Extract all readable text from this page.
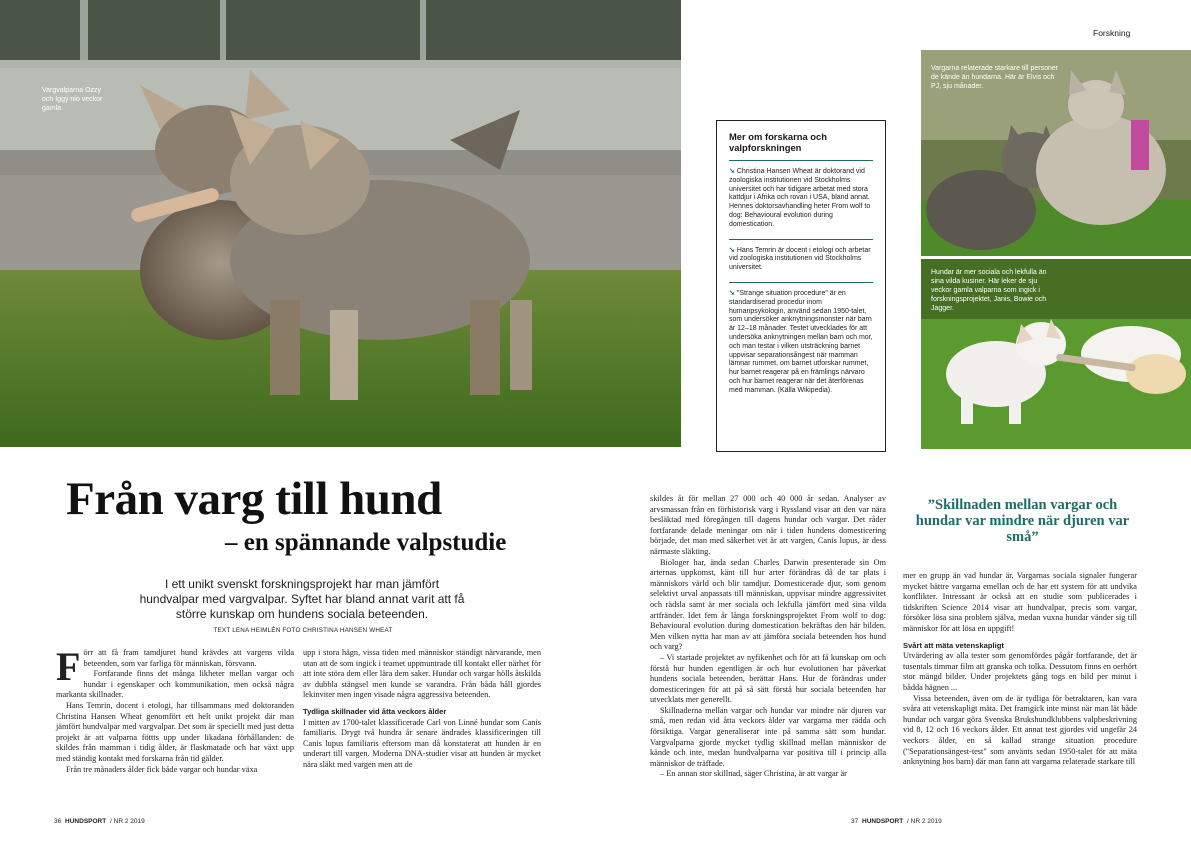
Vargvalparna Ozzy och Iggy nio veckor gamla.
Vargarna relaterade starkare till personer de kände än hundarna. Här är Elvis och PJ, sju månader.
Hundar är mer sociala och lekfulla än sina vilda kusiner. Här leker de sju veckor gamla valparna som ingick i forskningsprojektet, Janis, Bowie och Jagger.
Forskning
Mer om forskarna och valpforskningen

➘ Christina Hansen Wheat är doktorand vid zoologiska institutionen vid Stockholms universitet och har tidigare arbetat med stora kattdjur i Afrika och rovan i USA, bland annat. Hennes doktorsavhandling heter From wolf to dog: Behavioural evolution during domestication.

➘ Hans Temrin är docent i etologi och arbetar vid zoologiska institutionen vid Stockholms universitet.

➘ "Strange situation procedure" är en standardiserad procedur inom humanpsykologin, använd sedan 1950-talet, som undersöker anknytningsmonster när barn är 12–18 månader. Testet utvecklades för att undersöka anknytningen mellan barn och mor, och man testar i vilken utsträckning barnet uppvisar separationsångest när mamman lämnar rummet, om barnet utforskar rummet, hur barnet reagerar på en främlings närvaro och hur barnet reagerar när det återförenas med mamman. (Källa Wikipedia).

Från varg till hund
– en spännande valpstudie
I ett unikt svenskt forskningsprojekt har man jämfört hundvalpar med vargvalpar. Syftet har bland annat varit att få större kunskap om hundens sociala beteenden.
TEXT LENA HEIMLÉN FOTO CHRISTINA HANSEN WHEAT

Förr att få fram tamdjuret hund krävdes att vargens vilda beteenden, som var farliga för människan, försvann.

Fortfarande finns det många likheter mellan vargar och hundar i egenskaper och kommunikation, men också några markanta skillnader.

Hans Temrin, docent i etologi, har tillsammans med doktoranden Christina Hansen Wheat genomfört ett helt unikt projekt där man jämfört hundvalpar med vargvalpar. Det som är speciellt med just detta projekt är att valparna föttts upp under likadana förhållanden: de skildes från mamman i tidig ålder, är flaskmatade och har växt upp med ständig kontakt med forskarna från tid gälder.

Från tre månaders ålder fick både vargar och hundar växa

upp i stora hägn, vissa tiden med människor ständigt närvarande, men utan att de som ingick i teamet uppmuntrade till kontakt eller närhet för att inte störa dem eller lära dem saker. Hundar och vargar hölls åtskilda av dubbla stängsel men kunde se varandra. Från båda håll gjordes lekinviter men ingen visade några aggressiva beteenden.

Tydliga skillnader vid åtta veckors ålder

I mitten av 1700-talet klassificerade Carl von Linné hundar som Canis familiaris. Drygt två hundra år senare ändrades klassificeringen till Canis lupus familiaris eftersom man då konstaterat att hunden är en underart till vargen. Moderna DNA-studier visar att hunden är mycket nära släkt med vargen men att de

skildes åt för mellan 27 000 och 40 000 år sedan. Analyser av arvsmassan från en förhistorisk varg i Ryssland visar att den var nära besläktad med föregången till dagens hundar och vargar. Det råder fortfarande delade meningar om när i tiden hundens domesticering började, det man med säkerhet vet är att vargen, Canis lupus, är dess närmaste släkting.

Biologer har, ända sedan Charles Darwin presenterade sin Om arternas uppkomst, känt till hur arter förändras då de tar plats i människors värld och blir tamdjur. Domesticerade djur, som genom selektivt urval anpassats till människan, uppvisar mindre aggressivitet och rädsla samt är mer sociala och lekfulla jämfört med sina vilda artfränder. Idet fem år långa forskningsprojektet From wolf to dog: Behavioural evolution during domestication bekräftas den här bilden. Men vilken nytta har man av att jämföra sociala beteenden hos hund och varg?

– Vi startade projektet av nyfikenhet och för att få kunskap om och förstå hur hunden egentligen är och hur evolutionen har påverkat hundens sociala beteenden, berättar Hans. Hur de förändras under domesticeringen för att på så sätt förstå hur sociala beteenden har utvecklats mer generellt.

Skillnaderna mellan vargar och hundar var mindre när djuren var små, men redan vid åtta veckors ålder var vargarna mer rädda och försiktiga. Vargar generaliserar inte på samma sätt som hundar. Vargvalparna gjorde mycket tydlig skillnad mellan människor de kände och inte, medan hundvalparna var positiva till i princip alla människor de träffade.

– En annan stor skillnad, säger Christina, är att vargar är

”Skillnaden mellan vargar och hundar var mindre när djuren var små”

mer en grupp än vad hundar är. Vargarnas sociala signaler fungerar mycket bättre vargarna emellan och de har ett system för att undvika konflikter. Intressant är också att en studie som publicerades i tidskriften Science 2014 visar att hundvalpar, precis som vargar, försöker lösa sina problem själva, medan vuxna hundar vänder sig till människor för att lösa en uppgift!

Svårt att mäta vetenskapligt

Utvärdering av alla tester som genomfördes pågår fortfarande, det är tusentals timmar film att granska och tolka. Dessutom finns en oerhört stor mängd bilder. Under projektets gång togs en bild per minut i bådda hägnen ...

Vissa beteenden, även om de är tydliga för betraktaren, kan vara svåra att vetenskapligt mäta. Det framgick inte minst när man lät både hundar och vargar göra Svenska Brukshundklubbens valpbeskrivning vid 8, 12 och 16 veckors ålder. Ett annat test gjordes vid ungefär 24 veckors ålder, en så kallad strange situation procedure ("Separationsängest-test" som använts sedan 1950-talet för att mäta anknytning hos barn) där man fann att vargarna relaterade starkare till

36 HUNDSPORT / NR 2 2019	37 HUNDSPORT / NR 2 2019
